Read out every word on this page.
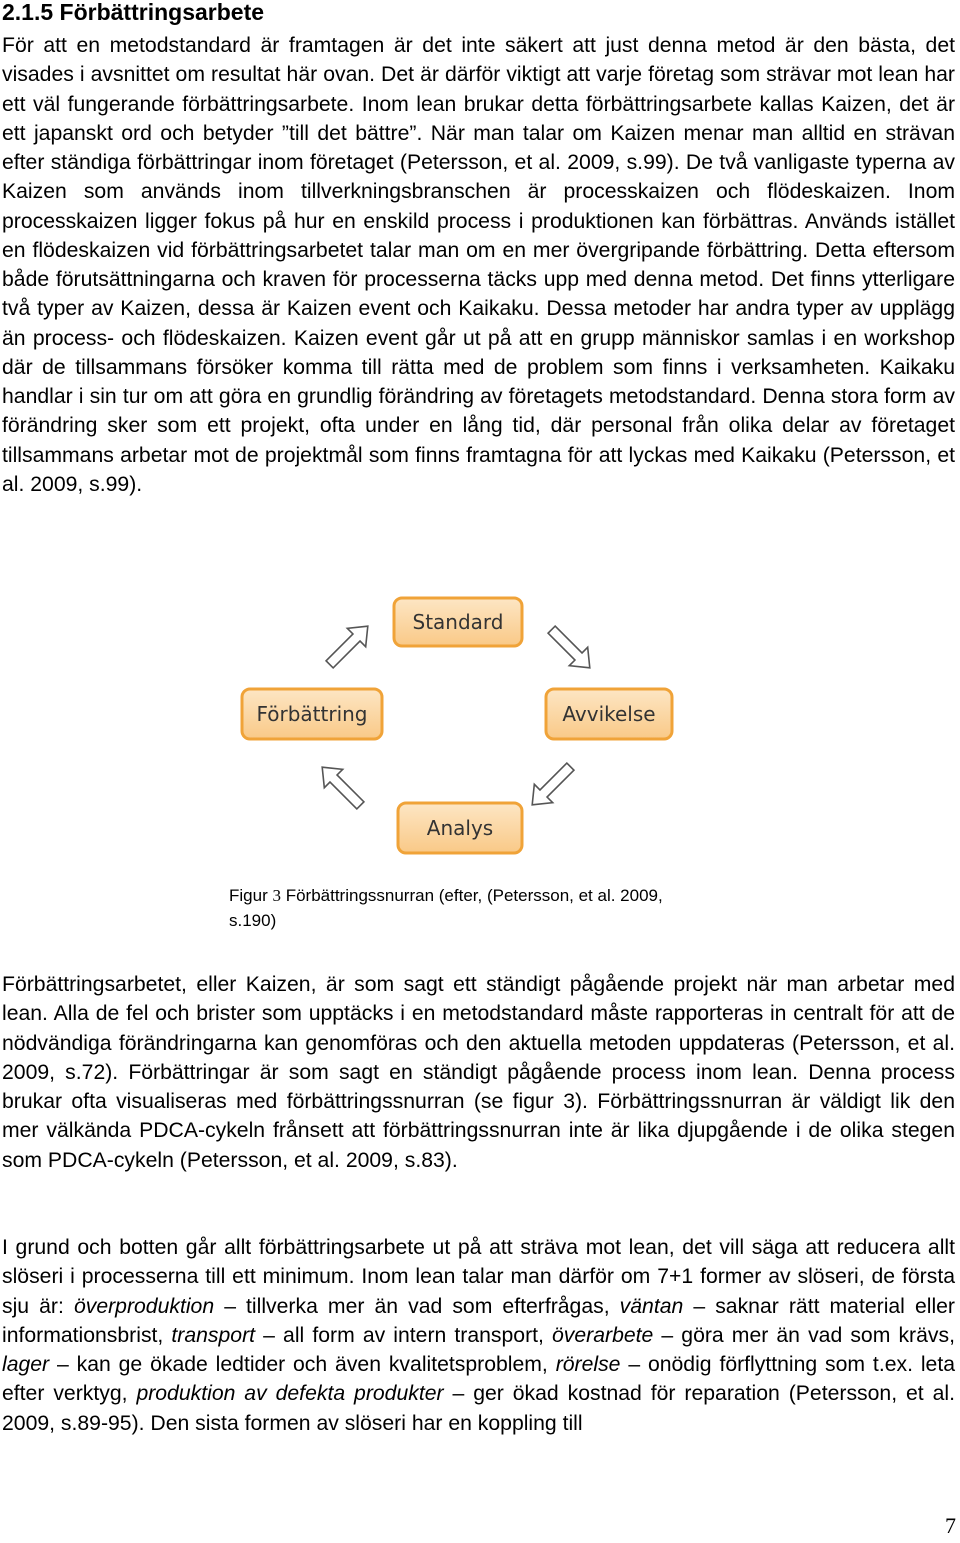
2.1.5 Förbättringsarbete

För att en metodstandard är framtagen är det inte säkert att just denna metod är den bästa, det visades i avsnittet om resultat här ovan. Det är därför viktigt att varje företag som strävar mot lean har ett väl fungerande förbättringsarbete. Inom lean brukar detta förbättringsarbete kallas Kaizen, det är ett japanskt ord och betyder ”till det bättre”. När man talar om Kaizen menar man alltid en strävan efter ständiga förbättringar inom företaget (Petersson, et al. 2009, s.99). De två vanligaste typerna av Kaizen som används inom tillverkningsbranschen är processkaizen och flödeskaizen. Inom processkaizen ligger fokus på hur en enskild process i produktionen kan förbättras. Används istället en flödeskaizen vid förbättringsarbetet talar man om en mer övergripande förbättring. Detta eftersom både förutsättningarna och kraven för processerna täcks upp med denna metod. Det finns ytterligare två typer av Kaizen, dessa är Kaizen event och Kaikaku. Dessa metoder har andra typer av upplägg än process- och flödeskaizen. Kaizen event går ut på att en grupp människor samlas i en workshop där de tillsammans försöker komma till rätta med de problem som finns i verksamheten. Kaikaku handlar i sin tur om att göra en grundlig förändring av företagets metodstandard. Denna stora form av förändring sker som ett projekt, ofta under en lång tid, där personal från olika delar av företaget tillsammans arbetar mot de projektmål som finns framtagna för att lyckas med Kaikaku (Petersson, et al. 2009, s.99).

Standard
Avvikelse
Analys
Förbättring

Figur 3 Förbättringssnurran (efter, (Petersson, et al. 2009, s.190)

Förbättringsarbetet, eller Kaizen, är som sagt ett ständigt pågående projekt när man arbetar med lean. Alla de fel och brister som upptäcks i en metodstandard måste rapporteras in centralt för att de nödvändiga förändringarna kan genomföras och den aktuella metoden uppdateras (Petersson, et al. 2009, s.72). Förbättringar är som sagt en ständigt pågående process inom lean. Denna process brukar ofta visualiseras med förbättringssnurran (se figur 3). Förbättringssnurran är väldigt lik den mer välkända PDCA-cykeln frånsett att förbättringssnurran inte är lika djupgående i de olika stegen som PDCA-cykeln (Petersson, et al. 2009, s.83).

I grund och botten går allt förbättringsarbete ut på att sträva mot lean, det vill säga att reducera allt slöseri i processerna till ett minimum. Inom lean talar man därför om 7+1 former av slöseri, de första sju är: överproduktion – tillverka mer än vad som efterfrågas, väntan – saknar rätt material eller informationsbrist, transport – all form av intern transport, överarbete – göra mer än vad som krävs, lager – kan ge ökade ledtider och även kvalitetsproblem, rörelse – onödig förflyttning som t.ex. leta efter verktyg, produktion av defekta produkter – ger ökad kostnad för reparation (Petersson, et al. 2009, s.89-95). Den sista formen av slöseri har en koppling till

7
